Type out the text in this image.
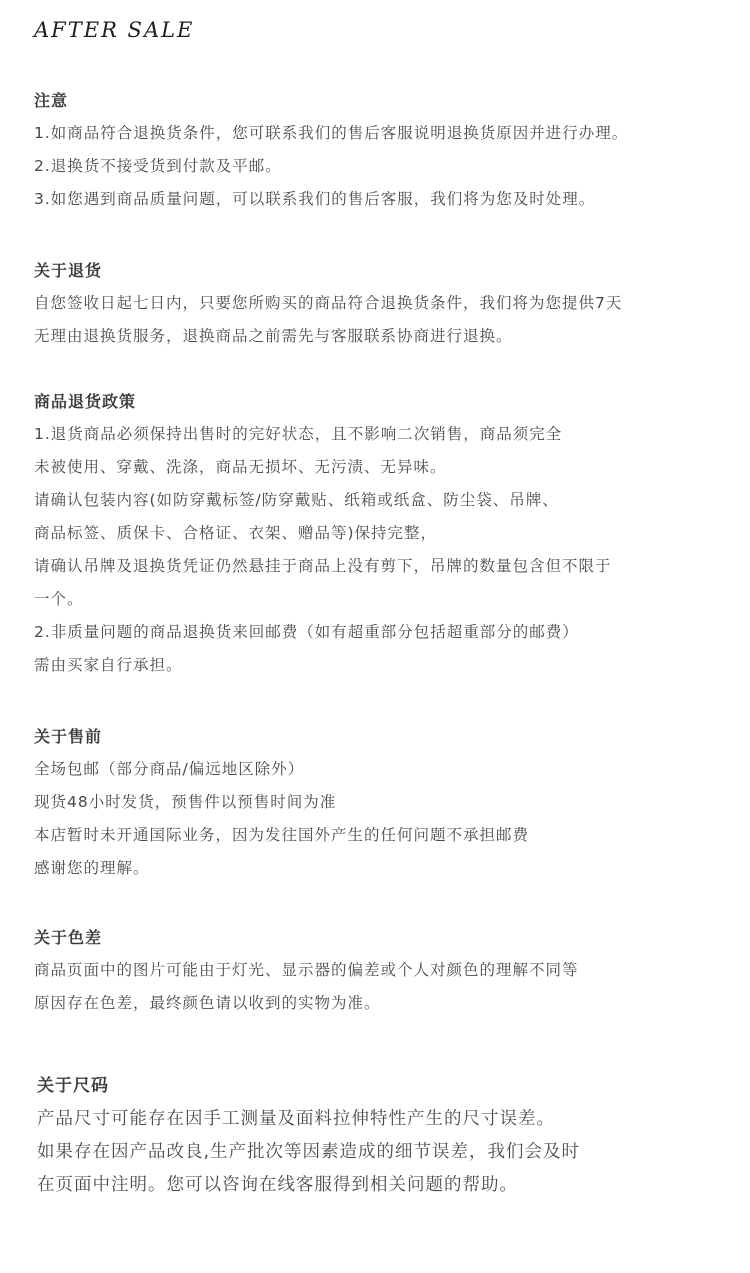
AFTER SALE
注意
1.如商品符合退换货条件，您可联系我们的售后客服说明退换货原因并进行办理。
2.退换货不接受货到付款及平邮。
3.如您遇到商品质量问题，可以联系我们的售后客服，我们将为您及时处理。
关于退货
自您签收日起七日内，只要您所购买的商品符合退换货条件，我们将为您提供7天
无理由退换货服务，退换商品之前需先与客服联系协商进行退换。
商品退货政策
1.退货商品必须保持出售时的完好状态，且不影响二次销售，商品须完全
未被使用、穿戴、洗涤，商品无损坏、无污渍、无异味。
请确认包装内容(如防穿戴标签/防穿戴贴、纸箱或纸盒、防尘袋、吊牌、
商品标签、质保卡、合格证、衣架、赠品等)保持完整，
请确认吊牌及退换货凭证仍然悬挂于商品上没有剪下，吊牌的数量包含但不限于
一个。
2.非质量问题的商品退换货来回邮费（如有超重部分包括超重部分的邮费）
需由买家自行承担。
关于售前
全场包邮（部分商品/偏远地区除外）
现货48小时发货，预售件以预售时间为准
本店暂时未开通国际业务，因为发往国外产生的任何问题不承担邮费
感谢您的理解。
关于色差
商品页面中的图片可能由于灯光、显示器的偏差或个人对颜色的理解不同等
原因存在色差，最终颜色请以收到的实物为准。
关于尺码
产品尺寸可能存在因手工测量及面料拉伸特性产生的尺寸误差。
如果存在因产品改良,生产批次等因素造成的细节误差，我们会及时
在页面中注明。您可以咨询在线客服得到相关问题的帮助。
